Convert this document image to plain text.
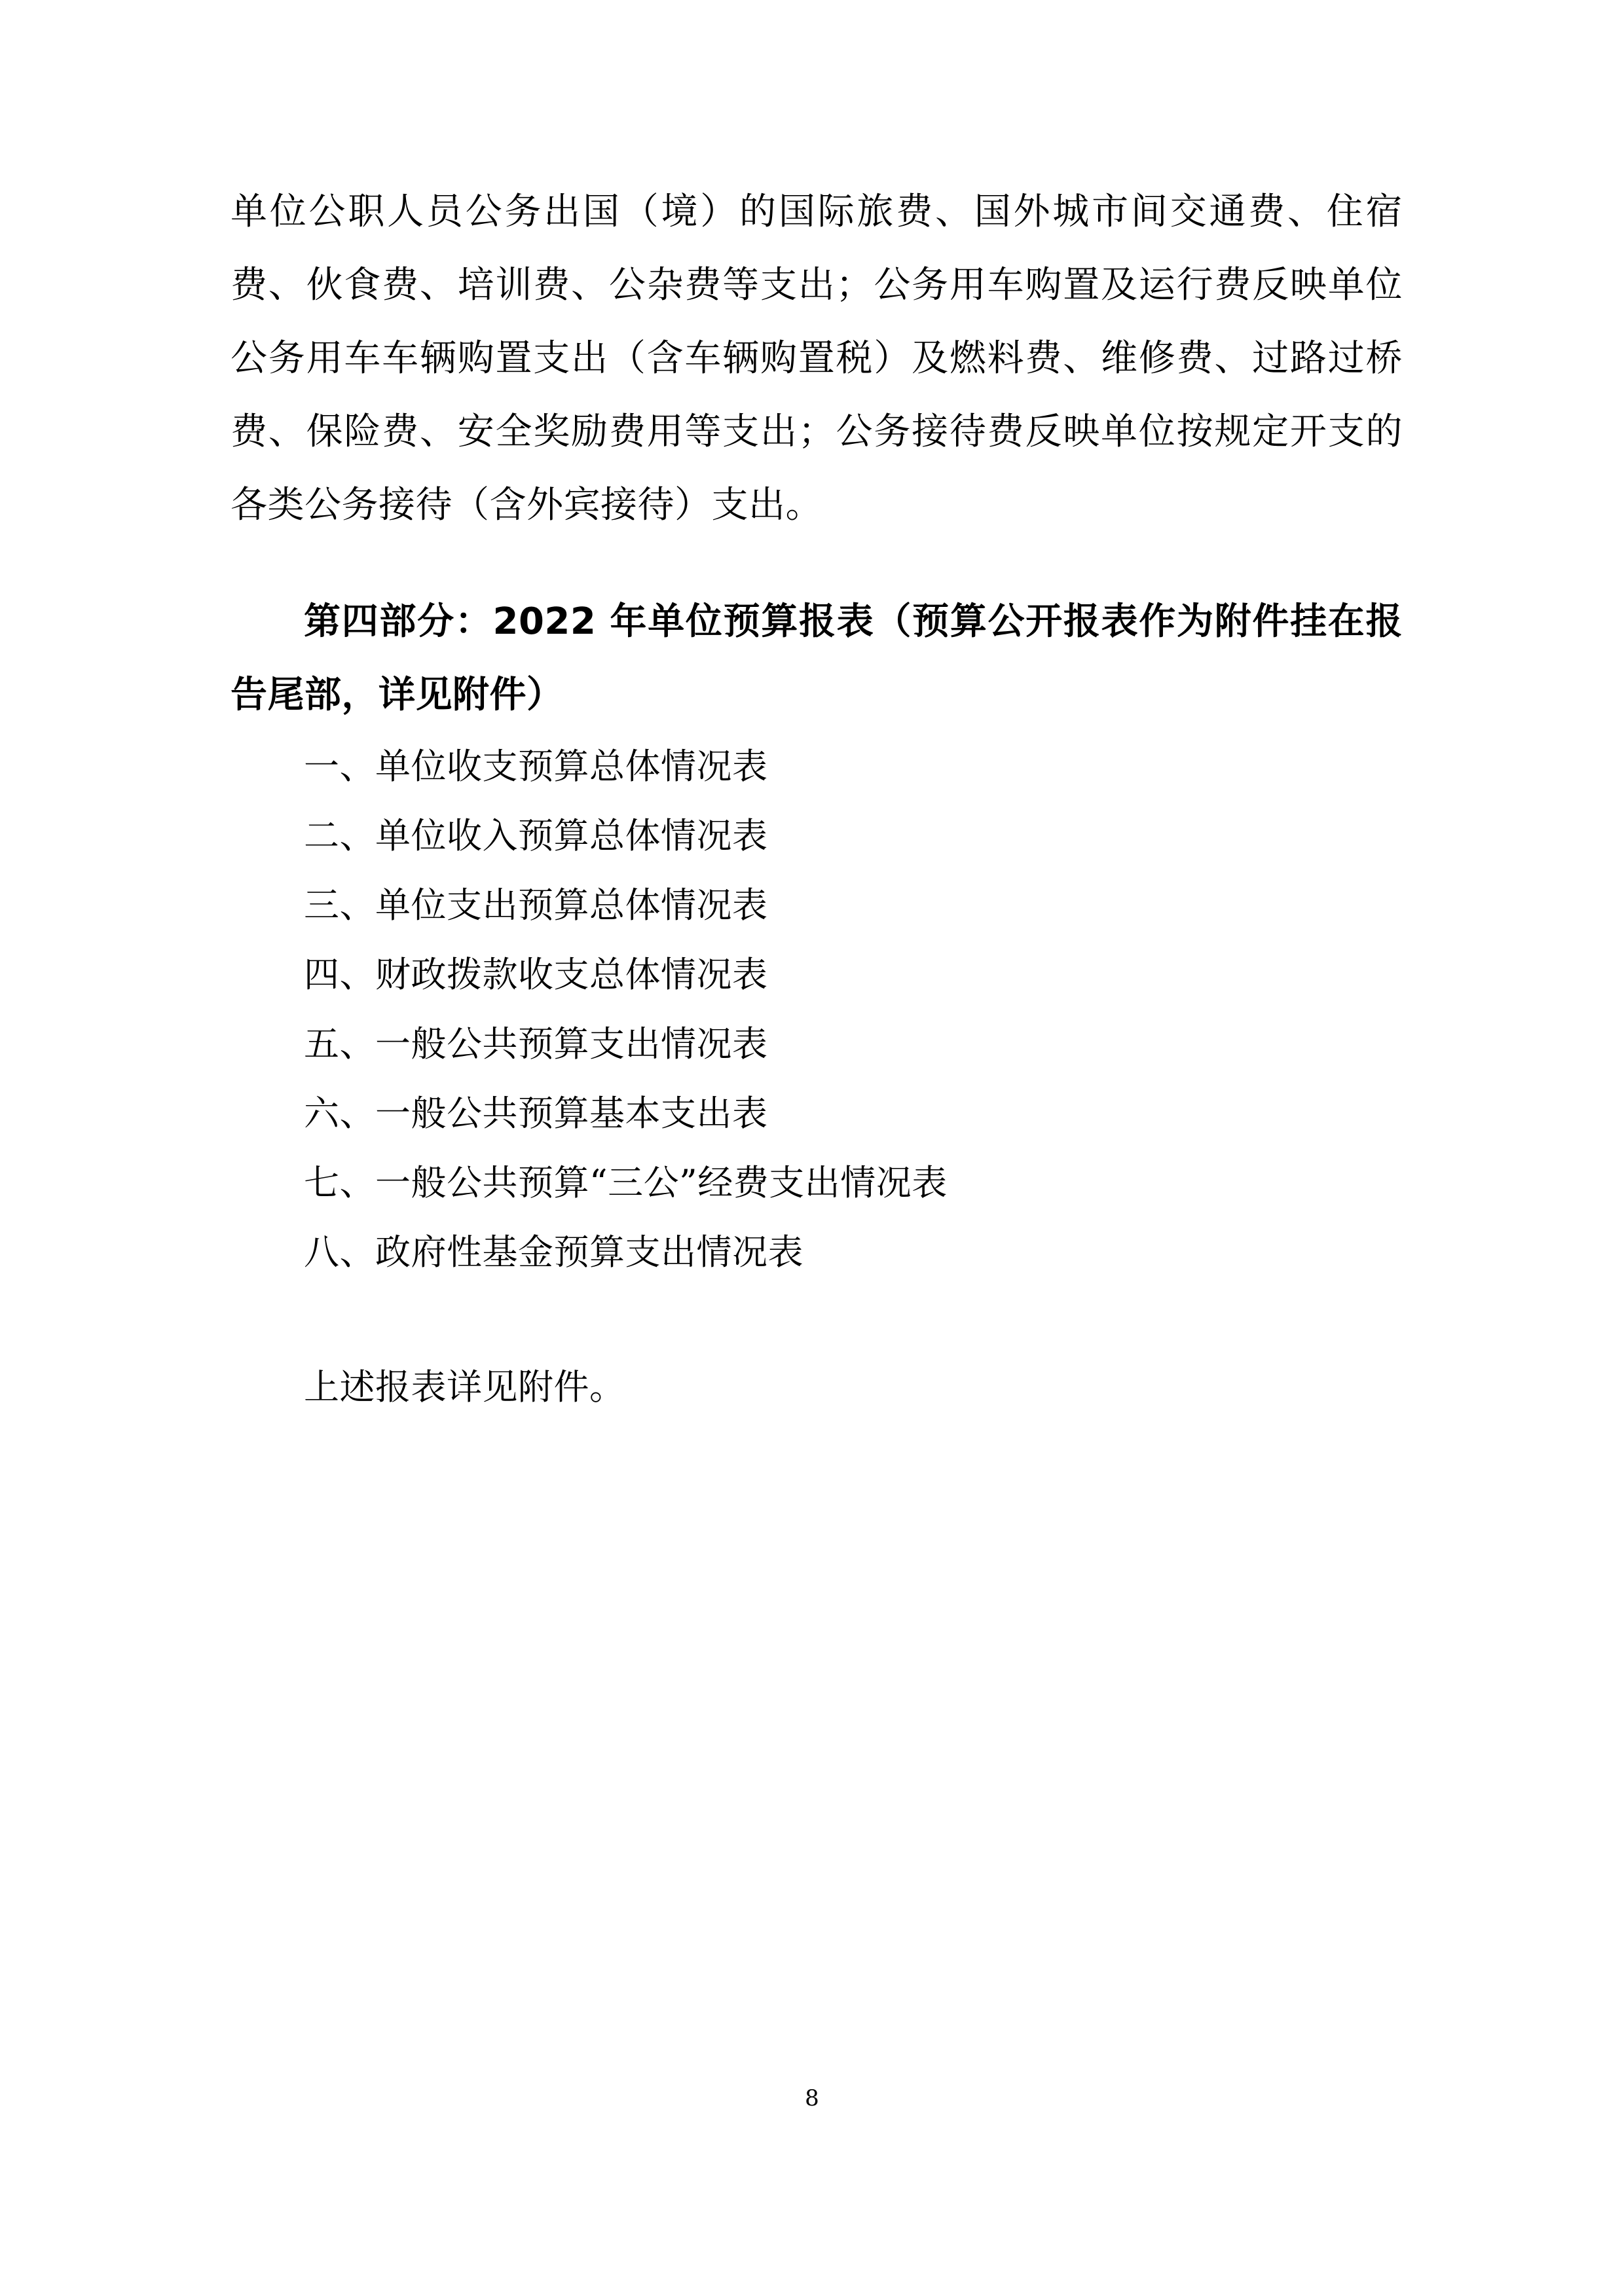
单位公职人员公务出国（境）的国际旅费、国外城市间交通费、住宿费、伙食费、培训费、公杂费等支出；公务用车购置及运行费反映单位公务用车车辆购置支出（含车辆购置税）及燃料费、维修费、过路过桥费、保险费、安全奖励费用等支出；公务接待费反映单位按规定开支的各类公务接待（含外宾接待）支出。

第四部分：2022 年单位预算报表（预算公开报表作为附件挂在报告尾部，详见附件）

一、单位收支预算总体情况表
二、单位收入预算总体情况表
三、单位支出预算总体情况表
四、财政拨款收支总体情况表
五、一般公共预算支出情况表
六、一般公共预算基本支出表
七、一般公共预算“三公”经费支出情况表
八、政府性基金预算支出情况表

上述报表详见附件。

8
